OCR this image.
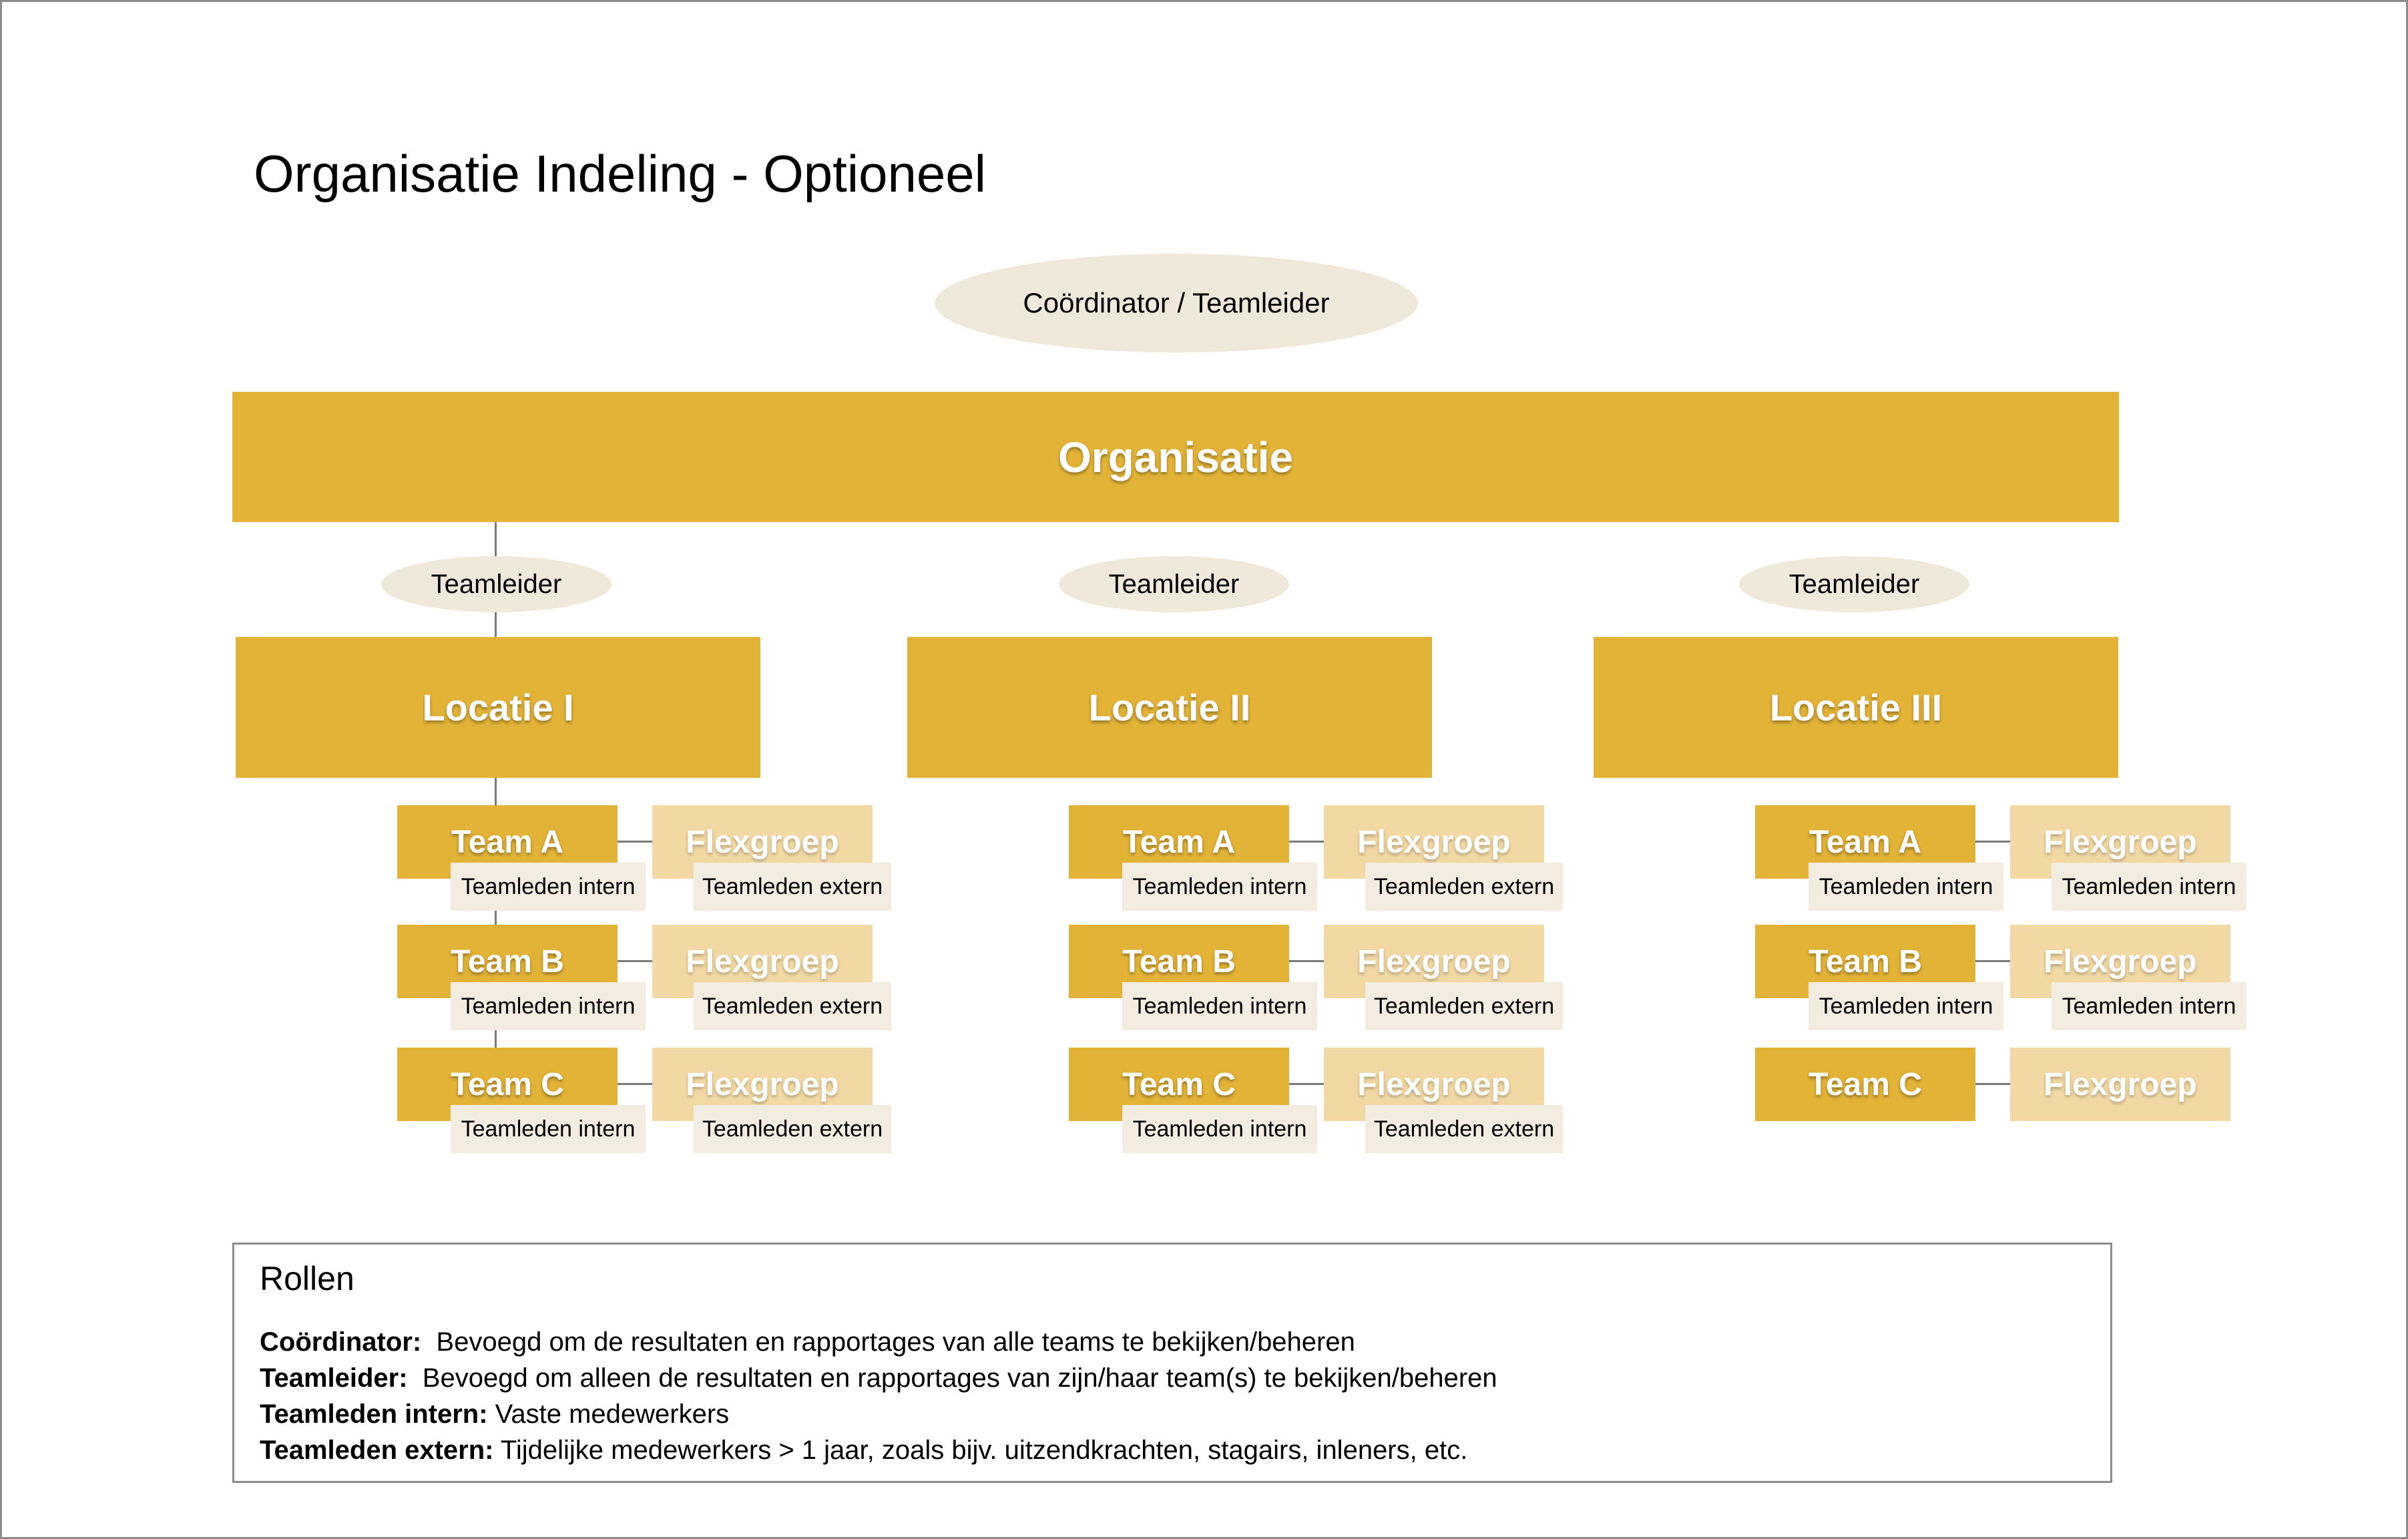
Organisatie Indeling - Optioneel
Coördinator / Teamleider
Organisatie
Teamleider
Locatie I
Team A
Teamleden intern
Flexgroep
Teamleden extern
Team B
Teamleden intern
Flexgroep
Teamleden extern
Team C
Teamleden intern
Flexgroep
Teamleden extern
Teamleider
Locatie II
Team A
Teamleden intern
Flexgroep
Teamleden extern
Team B
Teamleden intern
Flexgroep
Teamleden extern
Team C
Teamleden intern
Flexgroep
Teamleden extern
Teamleider
Locatie III
Team A
Teamleden intern
Flexgroep
Teamleden intern
Team B
Teamleden intern
Flexgroep
Teamleden intern
Team C	Flexgroep
Rollen
Coördinator:  Bevoegd om de resultaten en rapportages van alle teams te bekijken/beheren
Teamleider:  Bevoegd om alleen de resultaten en rapportages van zijn/haar team(s) te bekijken/beheren
Teamleden intern: Vaste medewerkers
Teamleden extern: Tijdelijke medewerkers > 1 jaar, zoals bijv. uitzendkrachten, stagairs, inleners, etc.
